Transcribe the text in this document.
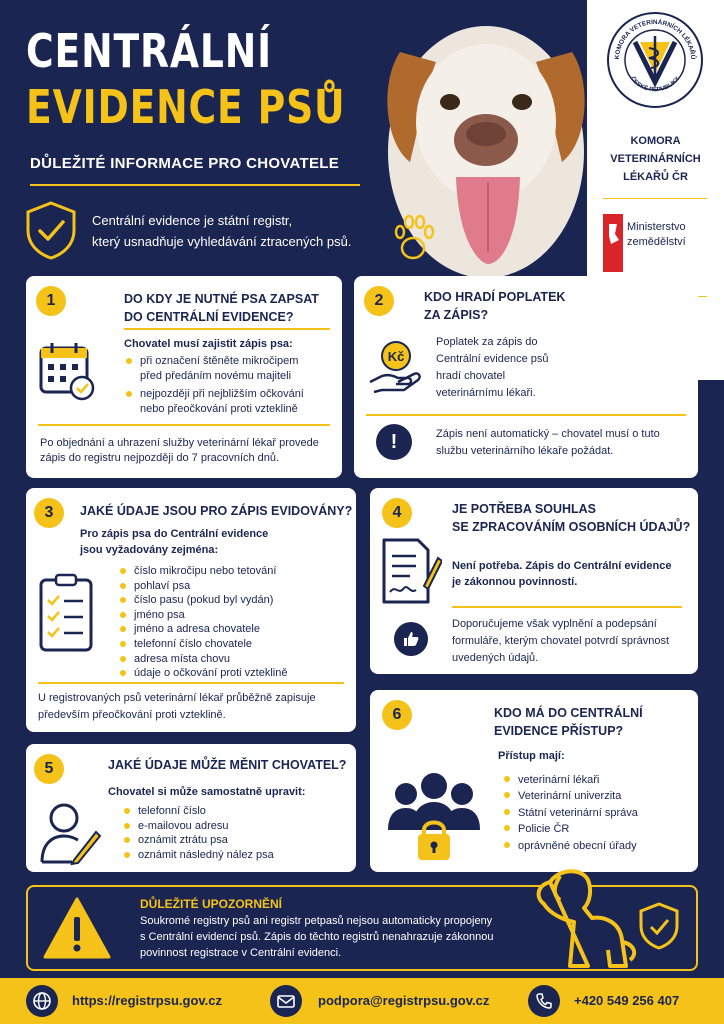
CENTRÁLNÍ
EVIDENCE PSŮ
DŮLEŽITÉ INFORMACE PRO CHOVATELE
Centrální evidence je státní registr,
který usnadňuje vyhledávání ztracených psů.
KOMORA VETERINÁRNÍCH LÉKAŘŮ
ČESKÉ REPUBLIKY
KOMORA
VETERINÁRNÍCH
LÉKAŘŮ ČR
Ministerstvo
zemědělství
1	DO KDY JE NUTNÉ PSA ZAPSAT
DO CENTRÁLNÍ EVIDENCE?
Chovatel musí zajistit zápis psa:
při označení štěněte mikročipem
před předáním novému majiteli
nejpozději při nejbližším očkování
nebo přeočkování proti vzteklině
Po objednání a uhrazení služby veterinární lékař provede
zápis do registru nejpozději do 7 pracovních dnů.
2	KDO HRADÍ POPLATEK
ZA ZÁPIS?
Kč
Poplatek za zápis do
Centrální evidence psů
hradí chovatel
veterinárnímu lékaři.
!	Zápis není automatický – chovatel musí o tuto
službu veterinárního lékaře požádat.
3	JAKÉ ÚDAJE JSOU PRO ZÁPIS EVIDOVÁNY?
Pro zápis psa do Centrální evidence
jsou vyžadovány zejména:
číslo mikročipu nebo tetování
pohlaví psa
číslo pasu (pokud byl vydán)
jméno psa
jméno a adresa chovatele
telefonní číslo chovatele
adresa místa chovu
údaje o očkování proti vzteklině
U registrovaných psů veterinární lékař průběžně zapisuje
především přeočkování proti vzteklině.
4	JE POTŘEBA SOUHLAS
SE ZPRACOVÁNÍM OSOBNÍCH ÚDAJŮ?
Není potřeba. Zápis do Centrální evidence
je zákonnou povinností.
Doporučujeme však vyplnění a podepsání
formuláře, kterým chovatel potvrdí správnost
uvedených údajů.
5	JAKÉ ÚDAJE MŮŽE MĚNIT CHOVATEL?
Chovatel si může samostatně upravit:
telefonní číslo
e-mailovou adresu
oznámit ztrátu psa
oznámit následný nález psa
6	KDO MÁ DO CENTRÁLNÍ
EVIDENCE PŘÍSTUP?
Přístup mají:
veterinární lékaři
Veterinární univerzita
Státní veterinární správa
Policie ČR
oprávněné obecní úřady
DŮLEŽITÉ UPOZORNĚNÍ
Soukromé registry psů ani registr petpasů nejsou automaticky propojeny
s Centrální evidencí psů. Zápis do těchto registrů nenahrazuje zákonnou
povinnost registrace v Centrální evidenci.
https://registrpsu.gov.cz	podpora@registrpsu.gov.cz	+420 549 256 407
